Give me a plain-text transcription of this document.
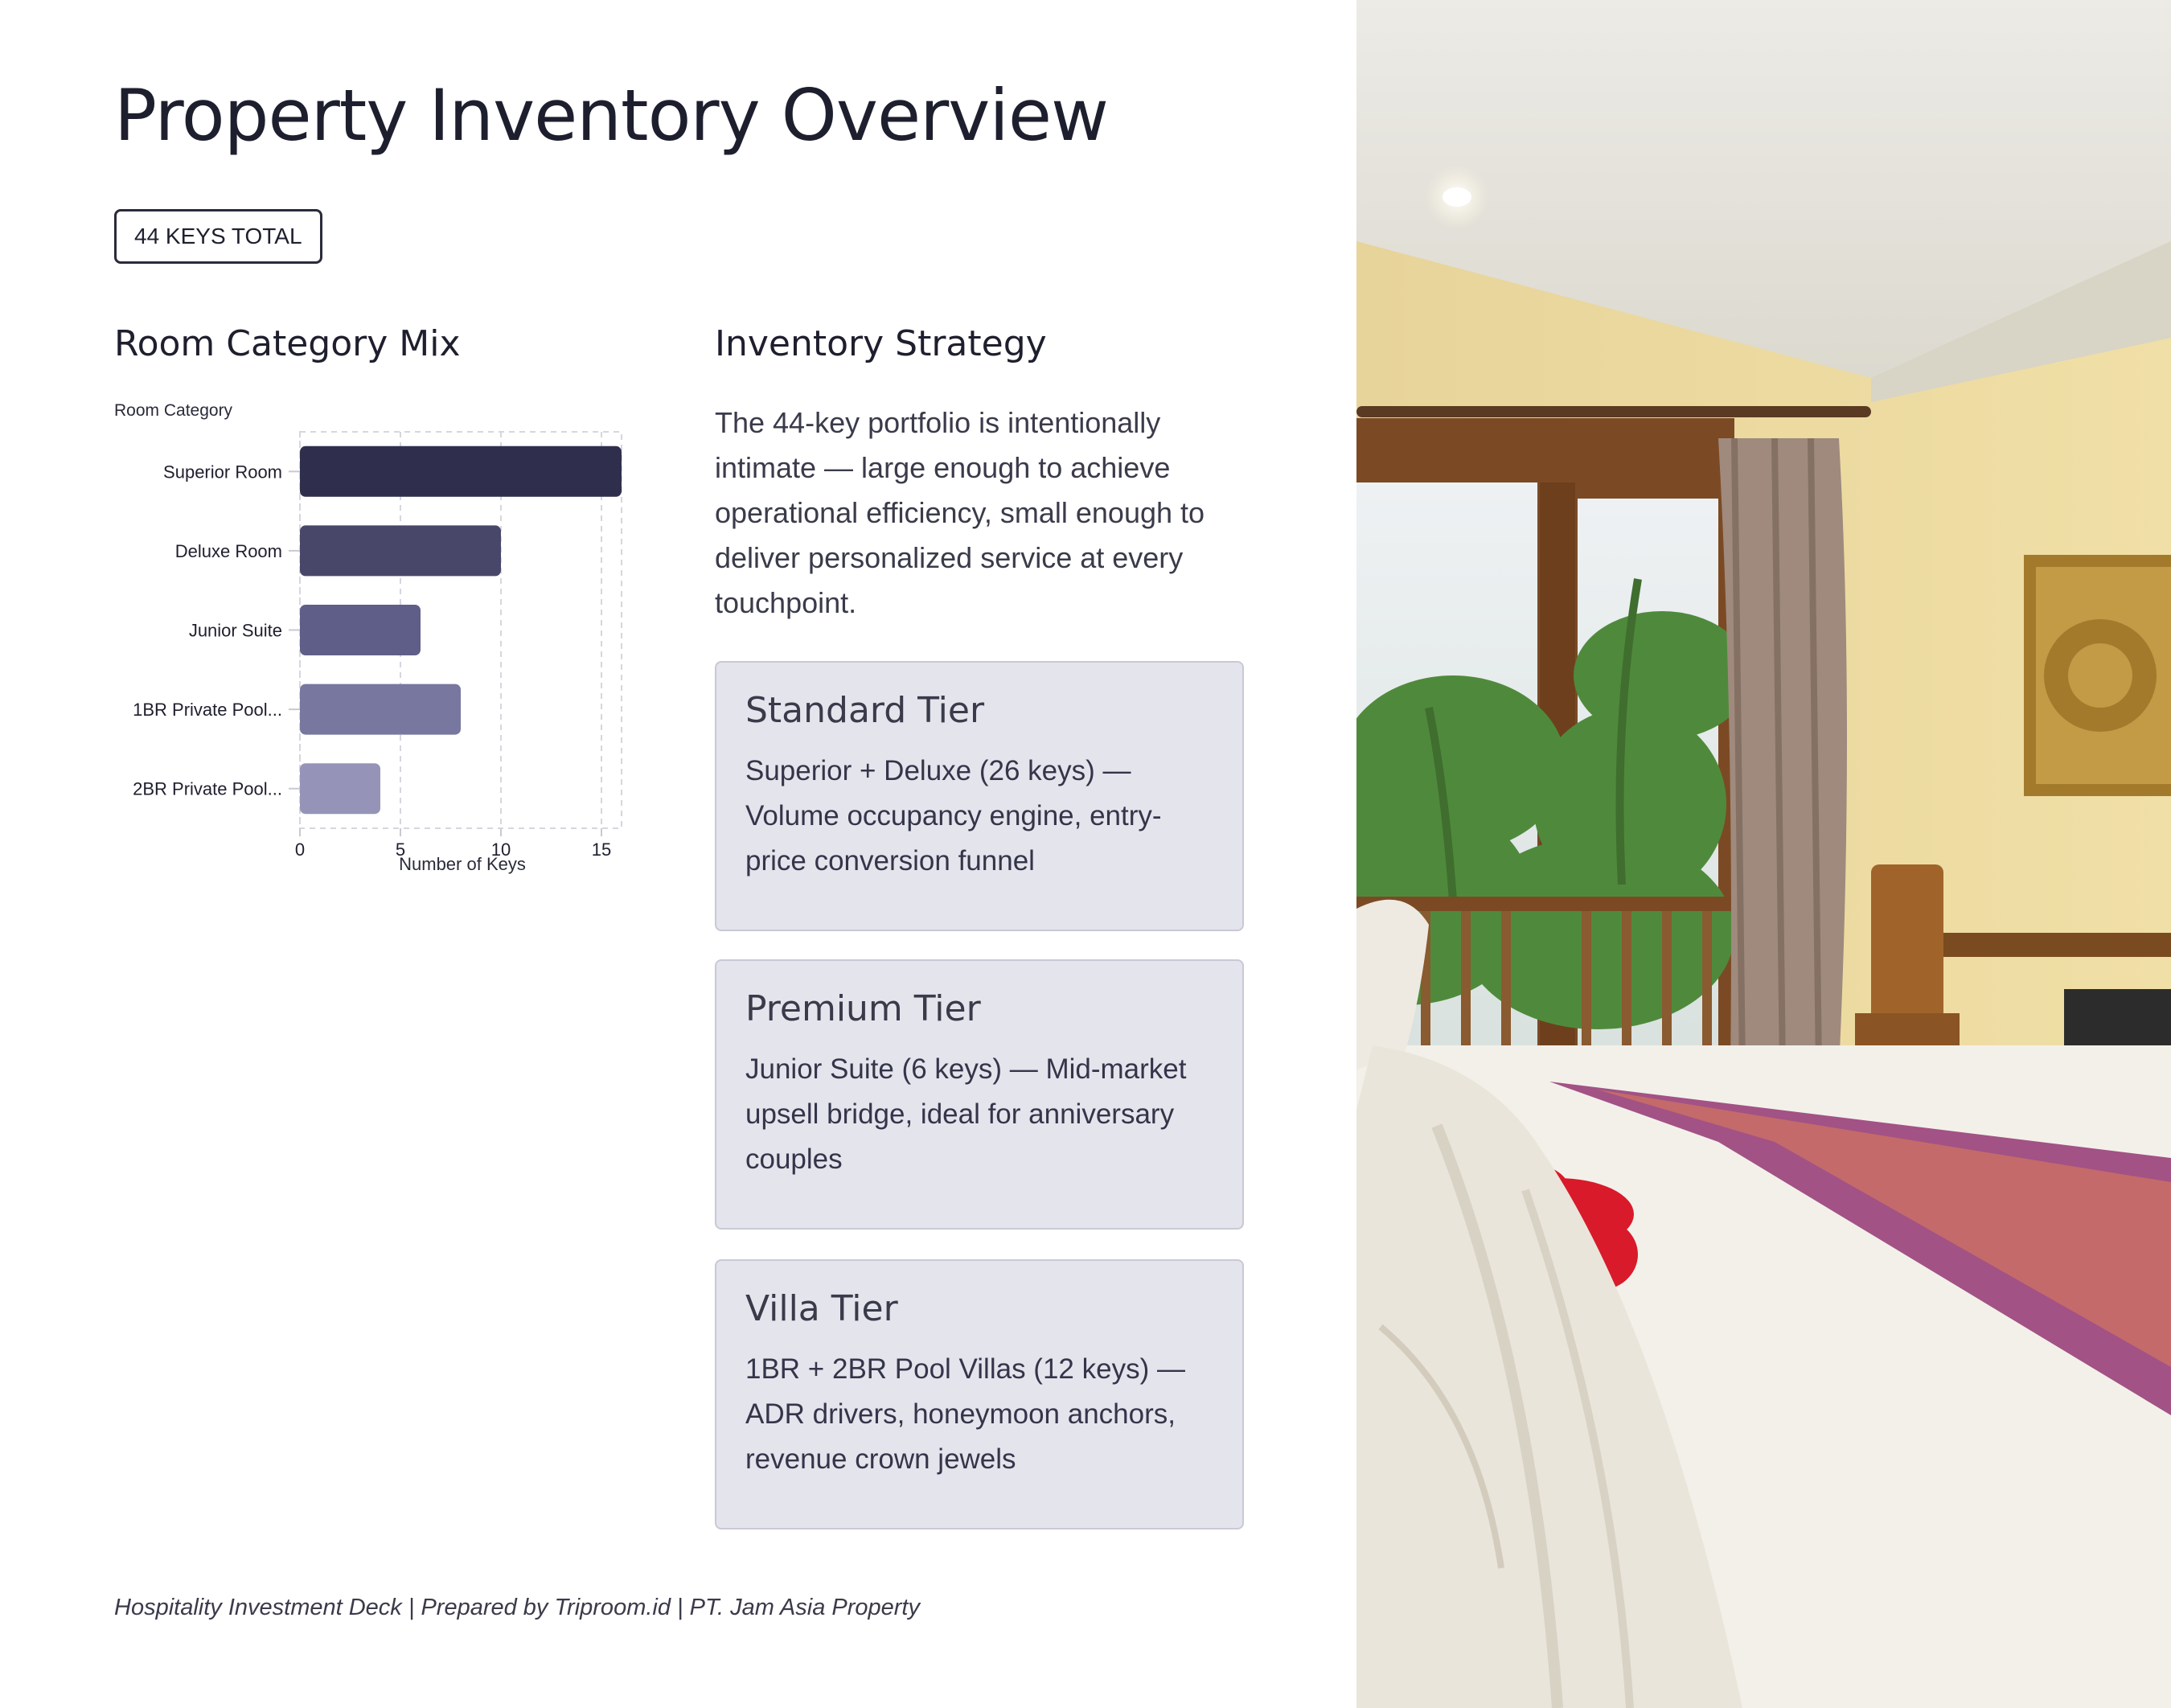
Property Inventory Overview
44 KEYS TOTAL
Room Category Mix
Room Category
Number of Keys
0	5	10	15
Superior Room
Deluxe Room
Junior Suite
1BR Private Pool...
2BR Private Pool...
Inventory Strategy

The 44-key portfolio is intentionally intimate — large enough to achieve operational efficiency, small enough to deliver personalized service at every touchpoint.

Standard Tier

Superior + Deluxe (26 keys) — Volume occupancy engine, entry-price conversion funnel

Premium Tier

Junior Suite (6 keys) — Mid-market upsell bridge, ideal for anniversary couples

Villa Tier

1BR + 2BR Pool Villas (12 keys) — ADR drivers, honeymoon anchors, revenue crown jewels

Hospitality Investment Deck | Prepared by Triproom.id | PT. Jam Asia Property
